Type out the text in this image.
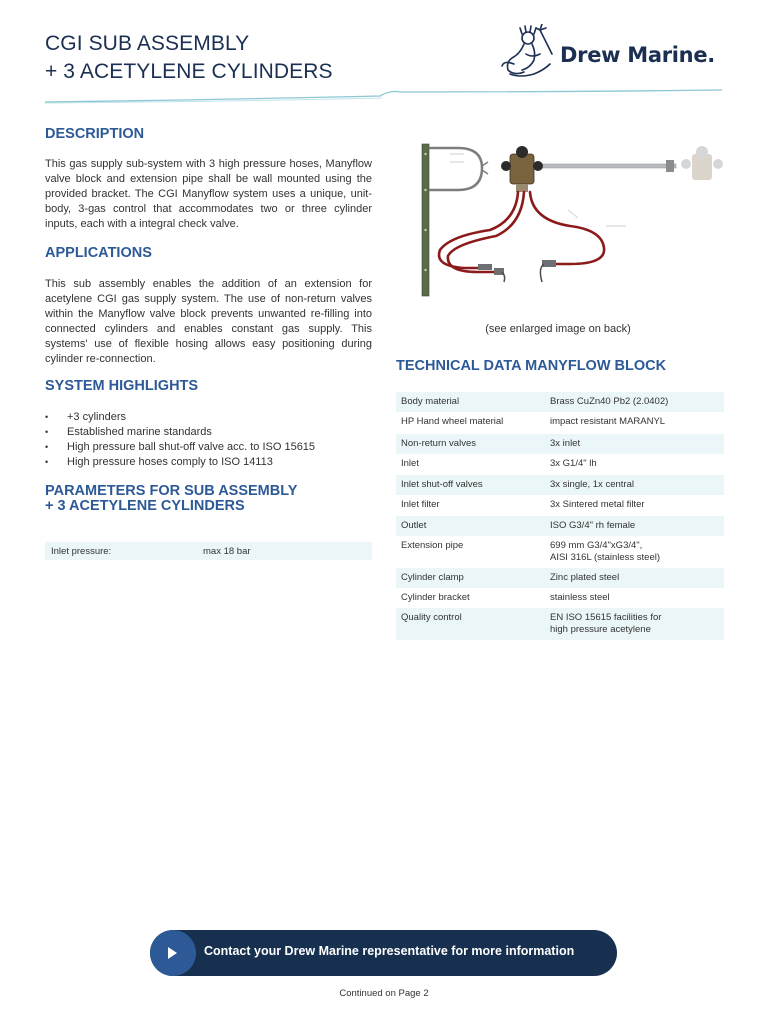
CGI SUB ASSEMBLY
+ 3 ACETYLENE CYLINDERS
Drew Marine.
DESCRIPTION

This gas supply sub-system with 3 high pressure hoses, Manyflow valve block and extension pipe shall be wall mounted using the provided bracket. The CGI Manyflow system uses a unique, unit-body, 3-gas control that accommodates two or three cylinder inputs, each with a integral check valve.

APPLICATIONS

This sub assembly enables the addition of an extension for acetylene CGI gas supply system. The use of non-return valves within the Manyflow valve block prevents unwanted re-filling into connected cylinders and enables constant gas supply. This systems' use of flexible hosing allows easy positioning during cylinder re-connection.

SYSTEM HIGHLIGHTS
• +3 cylinders
• Established marine standards
• High pressure ball shut-off valve acc. to ISO 15615
• High pressure hoses comply to ISO 14113
PARAMETERS FOR SUB ASSEMBLY
+ 3 ACETYLENE CYLINDERS
Inlet pressure:	max 18 bar
(see enlarged image on back)
TECHNICAL DATA MANYFLOW BLOCK
Body material	Brass CuZn40 Pb2 (2.0402)
HP Hand wheel material	impact resistant MARANYL
Non-return valves	3x inlet
Inlet	3x G1/4" lh
Inlet shut-off valves	3x single, 1x central
Inlet filter	3x Sintered metal filter
Outlet	ISO G3/4" rh female
Extension pipe	699 mm G3/4"xG3/4",
AISI 316L (stainless steel)
Cylinder clamp	Zinc plated steel
Cylinder bracket	stainless steel
Quality control	EN ISO 15615 facilities for
high pressure acetylene
Contact your Drew Marine representative for more information
Continued on Page 2
